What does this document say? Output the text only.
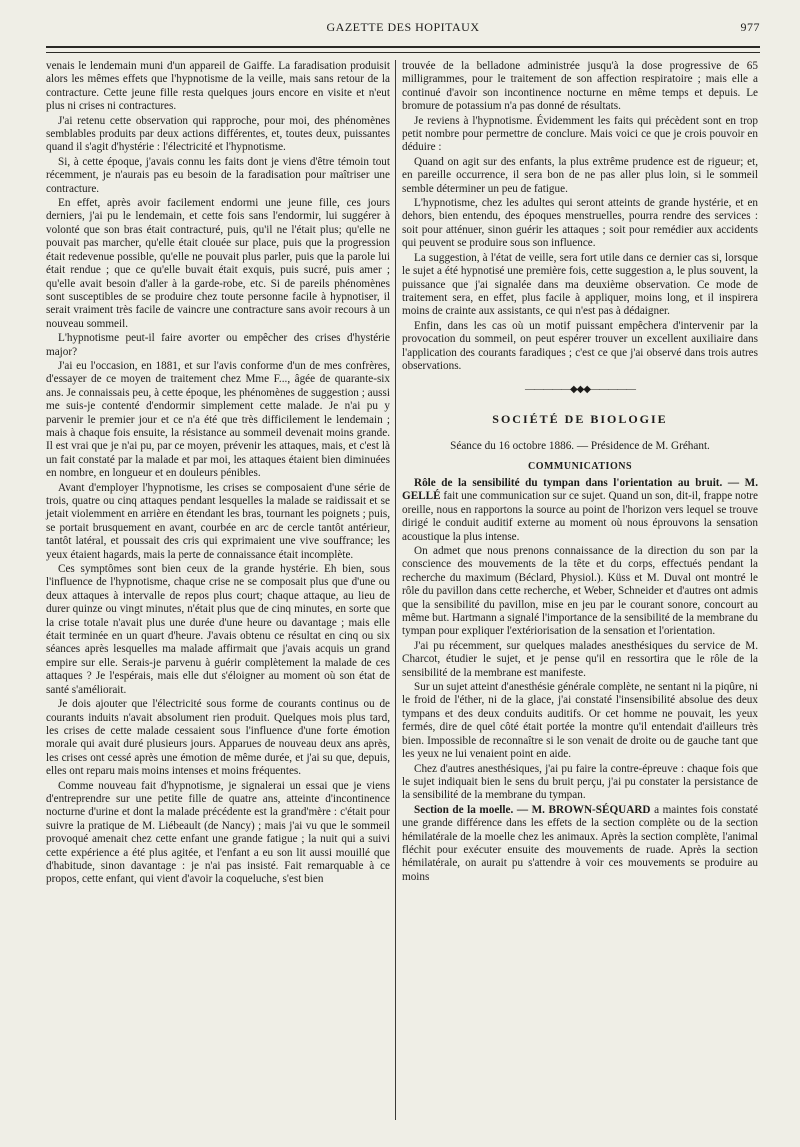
GAZETTE DES HOPITAUX	977

venais le lendemain muni d'un appareil de Gaiffe. La faradisation produisit alors les mêmes effets que l'hypnotisme de la veille, mais sans retour de la contracture. Cette jeune fille resta quelques jours encore en visite et n'eut plus ni crises ni contractures.

J'ai retenu cette observation qui rapproche, pour moi, des phénomènes semblables produits par deux actions différentes, et, toutes deux, puissantes quand il s'agit d'hystérie : l'électricité et l'hypnotisme.

Si, à cette époque, j'avais connu les faits dont je viens d'être témoin tout récemment, je n'aurais pas eu besoin de la faradisation pour maîtriser une contracture.

En effet, après avoir facilement endormi une jeune fille, ces jours derniers, j'ai pu le lendemain, et cette fois sans l'endormir, lui suggérer à volonté que son bras était contracturé, puis, qu'il ne l'était plus; qu'elle ne pouvait pas marcher, qu'elle était clouée sur place, puis que la progression était redevenue possible, qu'elle ne pouvait plus parler, puis que la parole lui était rendue ; que ce qu'elle buvait était exquis, puis sucré, puis amer ; qu'elle avait besoin d'aller à la garde-robe, etc. Si de pareils phénomènes sont susceptibles de se produire chez toute personne facile à hypnotiser, il serait vraiment très facile de vaincre une contracture sans avoir recours à un nouveau sommeil.

L'hypnotisme peut-il faire avorter ou empêcher des crises d'hystérie major?

J'ai eu l'occasion, en 1881, et sur l'avis conforme d'un de mes confrères, d'essayer de ce moyen de traitement chez Mme F..., âgée de quarante-six ans. Je connaissais peu, à cette époque, les phénomènes de suggestion ; aussi me suis-je contenté d'endormir simplement cette malade. Je n'ai pu y parvenir le premier jour et ce n'a été que très difficilement le lendemain ; mais à chaque fois ensuite, la résistance au sommeil devenait moins grande. Il est vrai que je n'ai pu, par ce moyen, prévenir les attaques, mais, et c'est là un fait constaté par la malade et par moi, les attaques étaient bien diminuées en nombre, en longueur et en douleurs pénibles.

Avant d'employer l'hypnotisme, les crises se composaient d'une série de trois, quatre ou cinq attaques pendant lesquelles la malade se raidissait et se jetait violemment en arrière en étendant les bras, tournant les poignets ; puis, se portait brusquement en avant, courbée en arc de cercle tantôt antérieur, tantôt latéral, et poussait des cris qui exprimaient une vive souffrance; les yeux étaient hagards, mais la perte de connaissance était incomplète.

Ces symptômes sont bien ceux de la grande hystérie. Eh bien, sous l'influence de l'hypnotisme, chaque crise ne se composait plus que d'une ou deux attaques à intervalle de repos plus court; chaque attaque, au lieu de durer quinze ou vingt minutes, n'était plus que de cinq minutes, en sorte que la crise totale n'avait plus une durée d'une heure ou davantage ; mais elle était terminée en un quart d'heure. J'avais obtenu ce résultat en cinq ou six séances après lesquelles ma malade affirmait que j'avais acquis un grand empire sur elle. Serais-je parvenu à guérir complètement la malade de ces attaques ? Je l'espérais, mais elle dut s'éloigner au moment où son état de santé s'améliorait.

Je dois ajouter que l'électricité sous forme de courants continus ou de courants induits n'avait absolument rien produit. Quelques mois plus tard, les crises de cette malade cessaient sous l'influence d'une forte émotion morale qui avait duré plusieurs jours. Apparues de nouveau deux ans après, les crises ont cessé après une émotion de même durée, et j'ai su que, depuis, elles ont reparu mais moins intenses et moins fréquentes.

Comme nouveau fait d'hypnotisme, je signalerai un essai que je viens d'entreprendre sur une petite fille de quatre ans, atteinte d'incontinence nocturne d'urine et dont la malade précédente est la grand'mère : c'était pour suivre la pratique de M. Liébeault (de Nancy) ; mais j'ai vu que le sommeil provoqué amenait chez cette enfant une grande fatigue ; la nuit qui a suivi cette expérience a été plus agitée, et l'enfant a eu son lit aussi mouillé que d'habitude, sinon davantage : je n'ai pas insisté. Fait remarquable à ce propos, cette enfant, qui vient d'avoir la coqueluche, s'est bien

trouvée de la belladone administrée jusqu'à la dose progressive de 65 milligrammes, pour le traitement de son affection respiratoire ; mais elle a continué d'avoir son incontinence nocturne en même temps et depuis. Le bromure de potassium n'a pas donné de résultats.

Je reviens à l'hypnotisme. Évidemment les faits qui précèdent sont en trop petit nombre pour permettre de conclure. Mais voici ce que je crois pouvoir en déduire :

Quand on agit sur des enfants, la plus extrême prudence est de rigueur; et, en pareille occurrence, il sera bon de ne pas aller plus loin, si le sommeil semble déterminer un peu de fatigue.

L'hypnotisme, chez les adultes qui seront atteints de grande hystérie, et en dehors, bien entendu, des époques menstruelles, pourra rendre des services : soit pour atténuer, sinon guérir les attaques ; soit pour remédier aux accidents qui peuvent se produire sous son influence.

La suggestion, à l'état de veille, sera fort utile dans ce dernier cas si, lorsque le sujet a été hypnotisé une première fois, cette suggestion a, le plus souvent, la puissance que j'ai signalée dans ma deuxième observation. Ce mode de traitement sera, en effet, plus facile à appliquer, moins long, et il inspirera moins de crainte aux assistants, ce qui n'est pas à dédaigner.

Enfin, dans les cas où un motif puissant empêchera d'intervenir par la provocation du sommeil, on peut espérer trouver un excellent auxiliaire dans l'application des courants faradiques ; c'est ce que j'ai observé dans trois autres observations.

—————◆◆◆—————
SOCIÉTÉ DE BIOLOGIE
Séance du 16 octobre 1886. — Présidence de M. Gréhant.
COMMUNICATIONS

Rôle de la sensibilité du tympan dans l'orientation au bruit. — M. GELLÉ fait une communication sur ce sujet. Quand un son, dit-il, frappe notre oreille, nous en rapportons la source au point de l'horizon vers lequel se trouve dirigé le conduit auditif externe au moment où nous éprouvons la sensation acoustique la plus intense.

On admet que nous prenons connaissance de la direction du son par la conscience des mouvements de la tête et du corps, effectués pendant la recherche du maximum (Béclard, Physiol.). Küss et M. Duval ont montré le rôle du pavillon dans cette recherche, et Weber, Schneider et d'autres ont admis que la sensibilité du pavillon, mise en jeu par le courant sonore, concourt au même but. Hartmann a signalé l'importance de la sensibilité de la membrane du tympan pour expliquer l'extériorisation de la sensation et l'orientation.

J'ai pu récemment, sur quelques malades anesthésiques du service de M. Charcot, étudier le sujet, et je pense qu'il en ressortira que le rôle de la sensibilité de la membrane est manifeste.

Sur un sujet atteint d'anesthésie générale complète, ne sentant ni la piqûre, ni le froid de l'éther, ni de la glace, j'ai constaté l'insensibilité absolue des deux tympans et des deux conduits auditifs. Or cet homme ne pouvait, les yeux fermés, dire de quel côté était portée la montre qu'il entendait d'ailleurs très bien. Impossible de reconnaître si le son venait de droite ou de gauche tant que les yeux ne lui venaient point en aide.

Chez d'autres anesthésiques, j'ai pu faire la contre-épreuve : chaque fois que le sujet indiquait bien le sens du bruit perçu, j'ai pu constater la persistance de la sensibilité de la membrane du tympan.

Section de la moelle. — M. BROWN-SÉQUARD a maintes fois constaté une grande différence dans les effets de la section complète ou de la section hémilatérale de la moelle chez les animaux. Après la section complète, l'animal fléchit pour exécuter ensuite des mouvements de ruade. Après la section hémilatérale, on aurait pu s'attendre à voir ces mouvements se produire au moins
